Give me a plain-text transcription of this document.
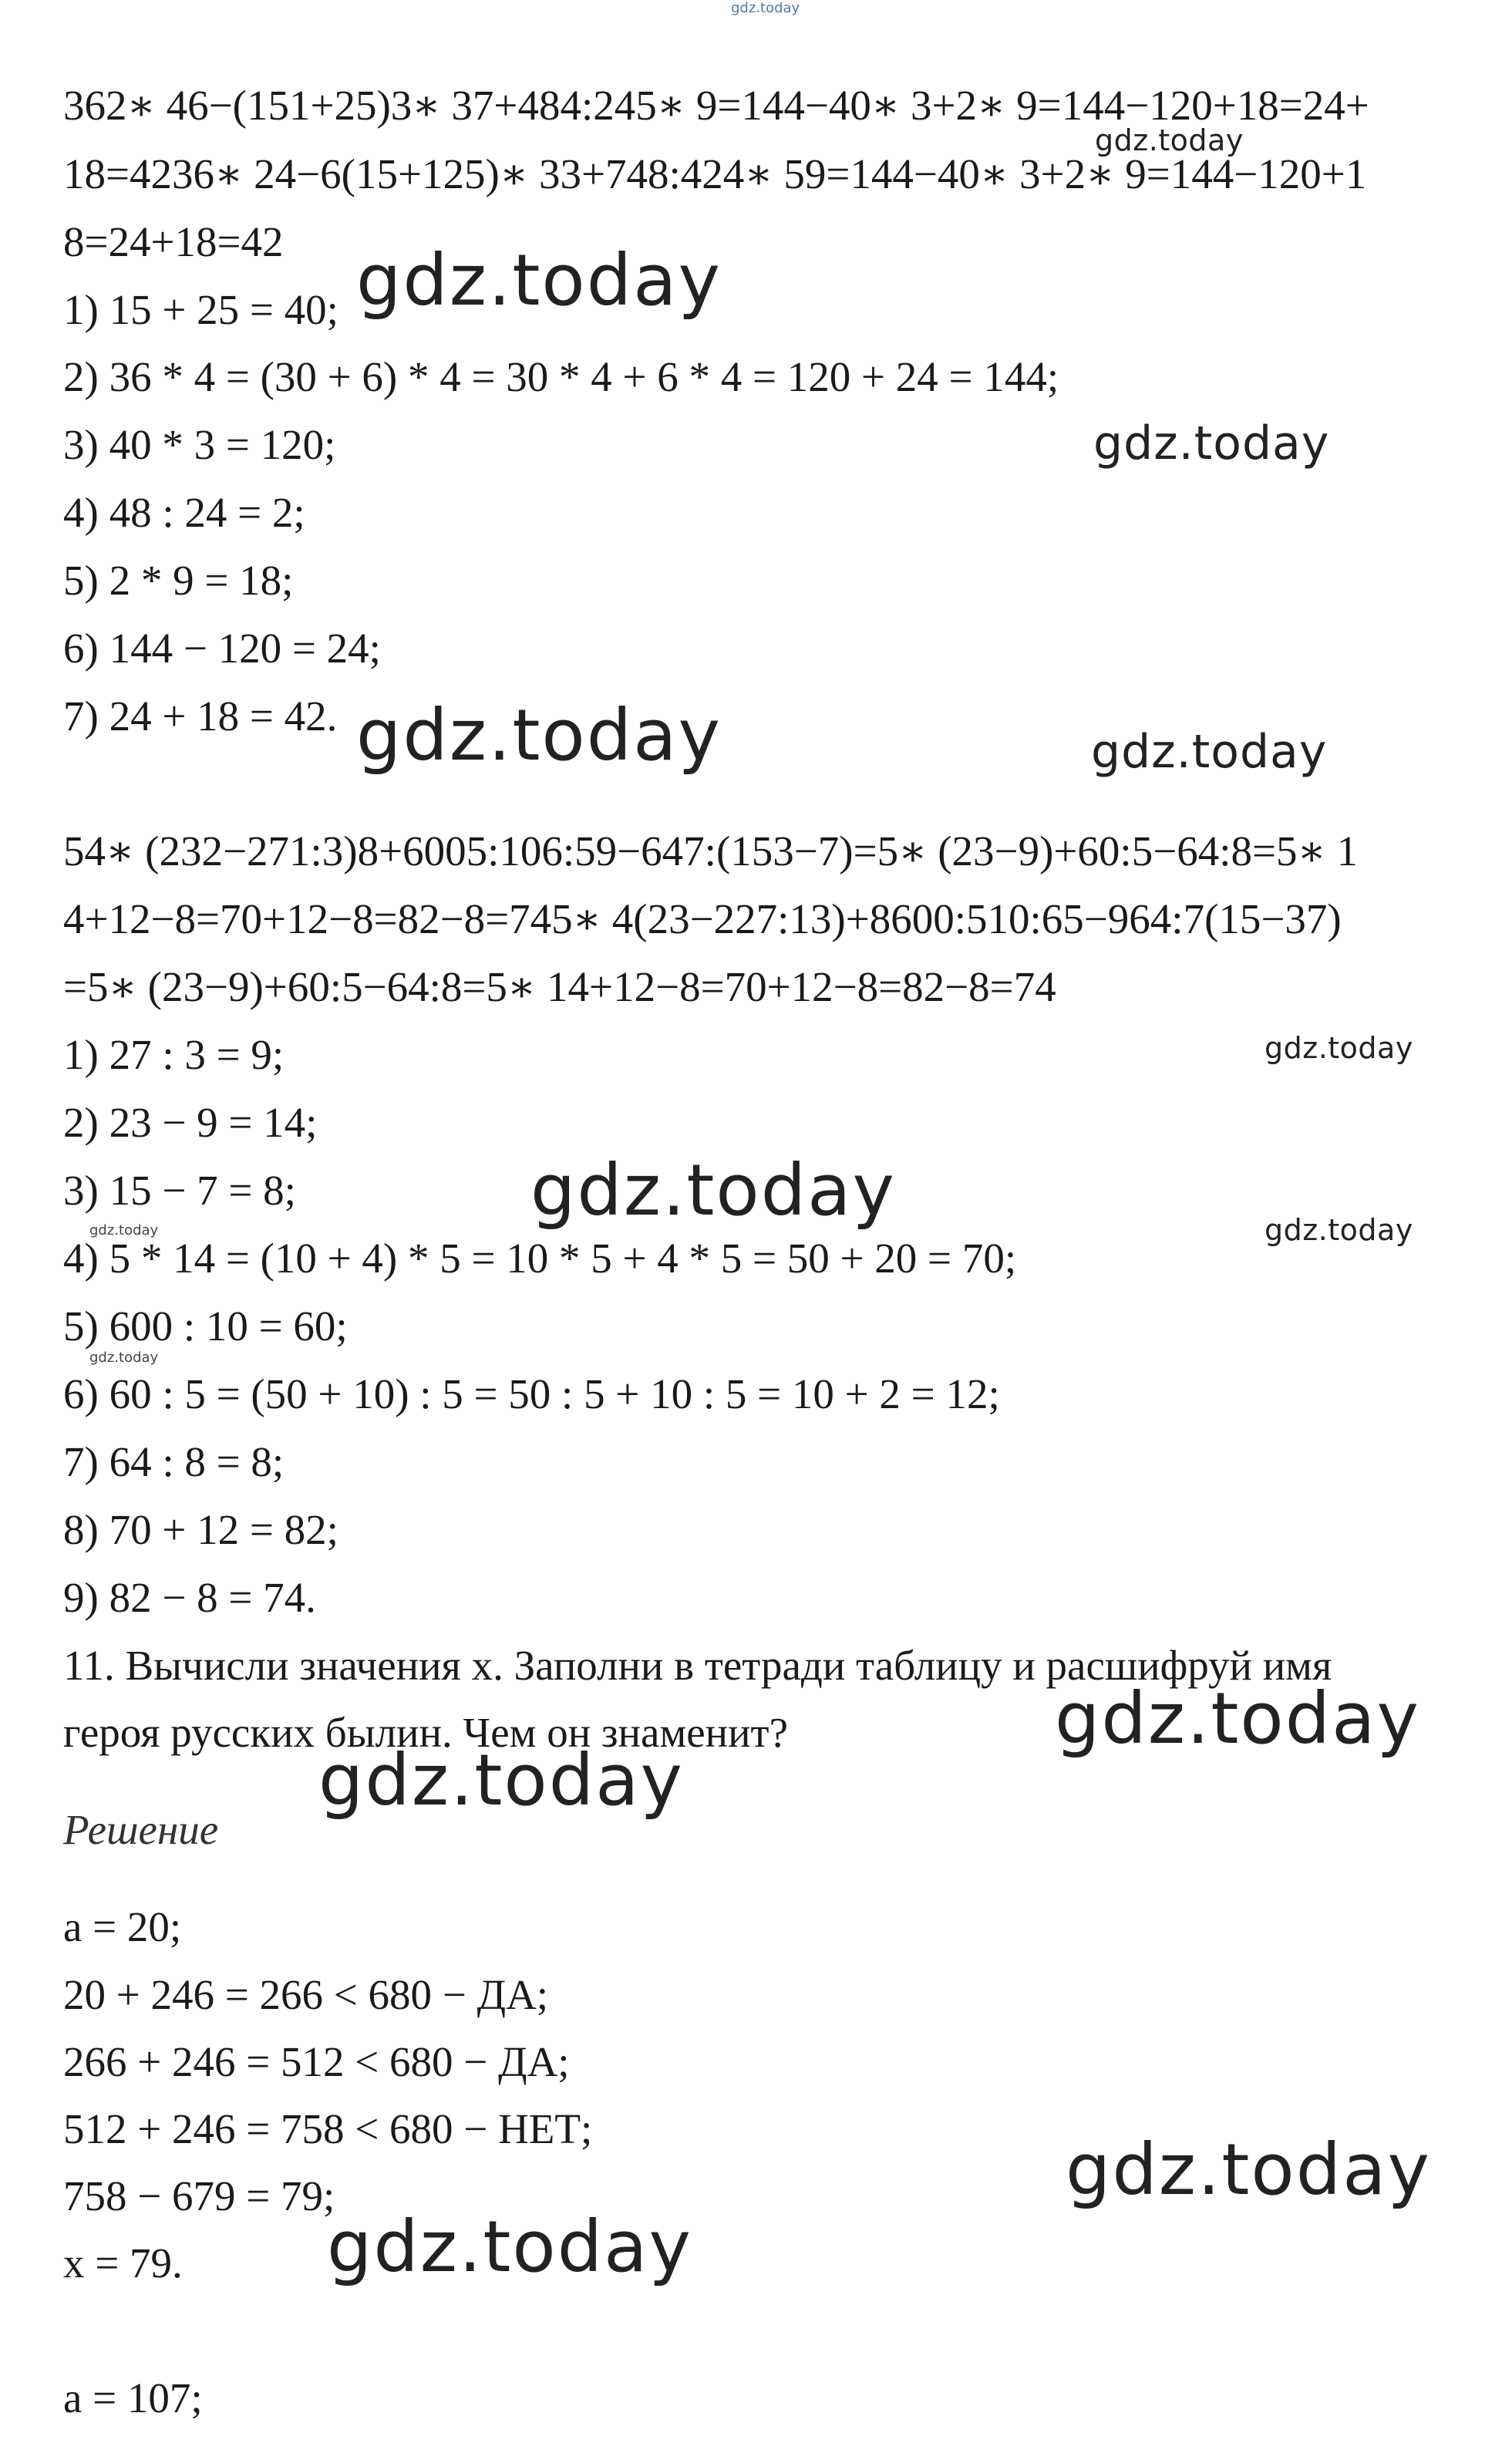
gdz.today
362∗ 46−(151+25)3∗ 37+484:245∗ 9=144−40∗ 3+2∗ 9=144−120+18=24+
18=4236∗ 24−6(15+125)∗ 33+748:424∗ 59=144−40∗ 3+2∗ 9=144−120+1
8=24+18=42
1) 15 + 25 = 40;
2) 36 * 4 = (30 + 6) * 4 = 30 * 4 + 6 * 4 = 120 + 24 = 144;
3) 40 * 3 = 120;
4) 48 : 24 = 2;
5) 2 * 9 = 18;
6) 144 − 120 = 24;
7) 24 + 18 = 42.
54∗ (232−271:3)8+6005:106:59−647:(153−7)=5∗ (23−9)+60:5−64:8=5∗ 1
4+12−8=70+12−8=82−8=745∗ 4(23−227:13)+8600:510:65−964:7(15−37)
=5∗ (23−9)+60:5−64:8=5∗ 14+12−8=70+12−8=82−8=74
1) 27 : 3 = 9;
2) 23 − 9 = 14;
3) 15 − 7 = 8;
4) 5 * 14 = (10 + 4) * 5 = 10 * 5 + 4 * 5 = 50 + 20 = 70;
5) 600 : 10 = 60;
6) 60 : 5 = (50 + 10) : 5 = 50 : 5 + 10 : 5 = 10 + 2 = 12;
7) 64 : 8 = 8;
8) 70 + 12 = 82;
9) 82 − 8 = 74.
11. Вычисли значения х. Заполни в тетради таблицу и расшифруй имя
героя русских былин. Чем он знаменит?
Решение
а = 20;
20 + 246 = 266 < 680 − ДА;
266 + 246 = 512 < 680 − ДА;
512 + 246 = 758 < 680 − НЕТ;
758 − 679 = 79;
х = 79.
а = 107;
gdz.today
gdz.today
gdz.today
gdz.today	gdz.today
gdz.today
gdz.today
gdz.today	gdz.today
gdz.today
gdz.today
gdz.today
gdz.today
gdz.today
